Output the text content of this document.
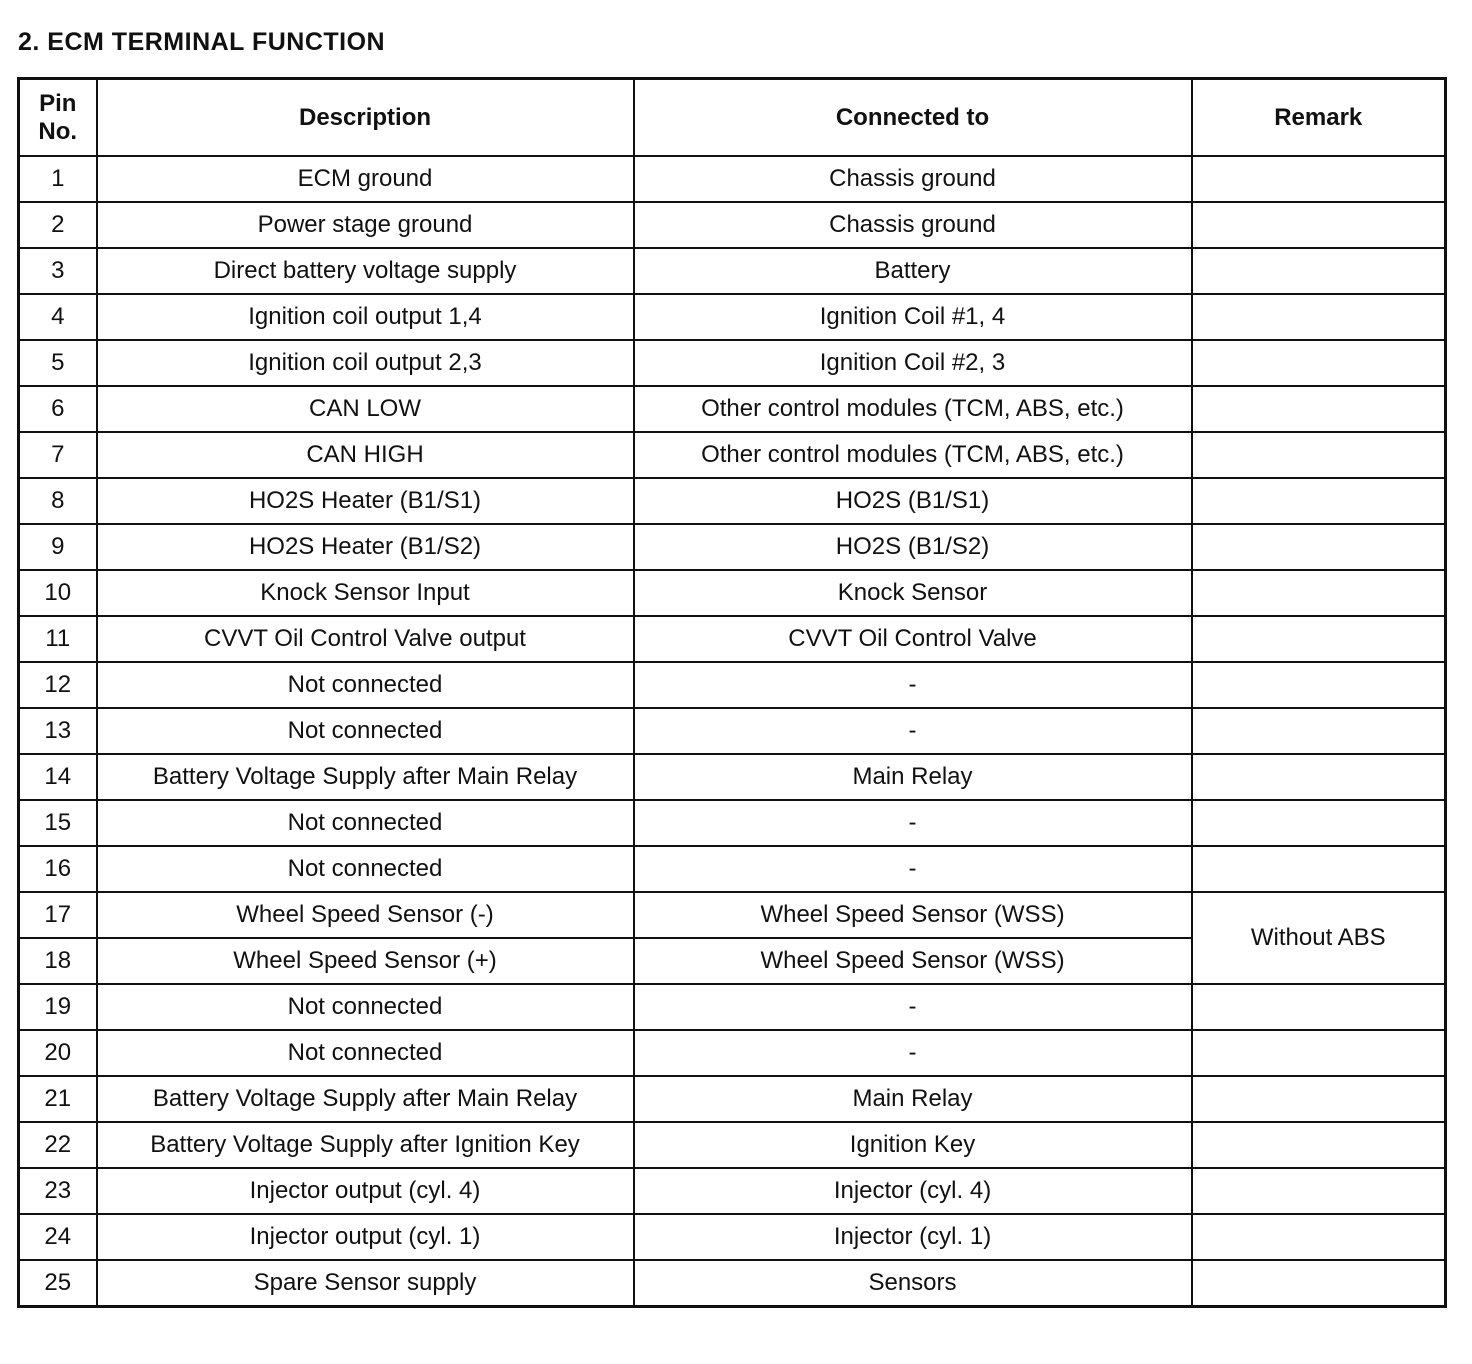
2. ECM TERMINAL FUNCTION
Pin
No.	Description	Connected to	Remark
1	ECM ground	Chassis ground	
2	Power stage ground	Chassis ground	
3	Direct battery voltage supply	Battery	
4	Ignition coil output 1,4	Ignition Coil #1, 4	
5	Ignition coil output 2,3	Ignition Coil #2, 3	
6	CAN LOW	Other control modules (TCM, ABS, etc.)	
7	CAN HIGH	Other control modules (TCM, ABS, etc.)	
8	HO2S Heater (B1/S1)	HO2S (B1/S1)	
9	HO2S Heater (B1/S2)	HO2S (B1/S2)	
10	Knock Sensor Input	Knock Sensor	
11	CVVT Oil Control Valve output	CVVT Oil Control Valve	
12	Not connected	-	
13	Not connected	-	
14	Battery Voltage Supply after Main Relay	Main Relay	
15	Not connected	-	
16	Not connected	-	
17	Wheel Speed Sensor (-)	Wheel Speed Sensor (WSS)	Without ABS
18	Wheel Speed Sensor (+)	Wheel Speed Sensor (WSS)	
19	Not connected	-	
20	Not connected	-	
21	Battery Voltage Supply after Main Relay	Main Relay	
22	Battery Voltage Supply after Ignition Key	Ignition Key	
23	Injector output (cyl. 4)	Injector (cyl. 4)	
24	Injector output (cyl. 1)	Injector (cyl. 1)	
25	Spare Sensor supply	Sensors	
